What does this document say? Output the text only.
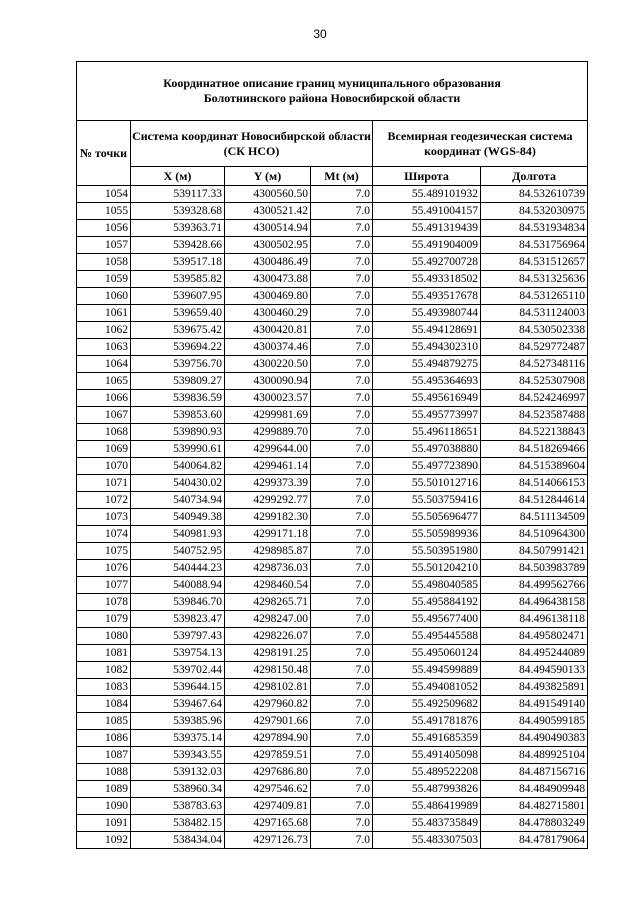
30
Координатное описание границ муниципального образования
Болотнинского района Новосибирской области					

№ точки	Система координат Новосибирской области (СК НСО)			Всемирная геодезическая система координат (WGS-84)	
	X (м)	Y (м)	Mt (м)	Широта	Долгота
1054	539117.33	4300560.50	7.0	55.489101932	84.532610739
1055	539328.68	4300521.42	7.0	55.491004157	84.532030975
1056	539363.71	4300514.94	7.0	55.491319439	84.531934834
1057	539428.66	4300502.95	7.0	55.491904009	84.531756964
1058	539517.18	4300486.49	7.0	55.492700728	84.531512657
1059	539585.82	4300473.88	7.0	55.493318502	84.531325636
1060	539607.95	4300469.80	7.0	55.493517678	84.531265110
1061	539659.40	4300460.29	7.0	55.493980744	84.531124003
1062	539675.42	4300420.81	7.0	55.494128691	84.530502338
1063	539694.22	4300374.46	7.0	55.494302310	84.529772487
1064	539756.70	4300220.50	7.0	55.494879275	84.527348116
1065	539809.27	4300090.94	7.0	55.495364693	84.525307908
1066	539836.59	4300023.57	7.0	55.495616949	84.524246997
1067	539853.60	4299981.69	7.0	55.495773997	84.523587488
1068	539890.93	4299889.70	7.0	55.496118651	84.522138843
1069	539990.61	4299644.00	7.0	55.497038880	84.518269466
1070	540064.82	4299461.14	7.0	55.497723890	84.515389604
1071	540430.02	4299373.39	7.0	55.501012716	84.514066153
1072	540734.94	4299292.77	7.0	55.503759416	84.512844614
1073	540949.38	4299182.30	7.0	55.505696477	84.511134509
1074	540981.93	4299171.18	7.0	55.505989936	84.510964300
1075	540752.95	4298985.87	7.0	55.503951980	84.507991421
1076	540444.23	4298736.03	7.0	55.501204210	84.503983789
1077	540088.94	4298460.54	7.0	55.498040585	84.499562766
1078	539846.70	4298265.71	7.0	55.495884192	84.496438158
1079	539823.47	4298247.00	7.0	55.495677400	84.496138118
1080	539797.43	4298226.07	7.0	55.495445588	84.495802471
1081	539754.13	4298191.25	7.0	55.495060124	84.495244089
1082	539702.44	4298150.48	7.0	55.494599889	84.494590133
1083	539644.15	4298102.81	7.0	55.494081052	84.493825891
1084	539467.64	4297960.82	7.0	55.492509682	84.491549140
1085	539385.96	4297901.66	7.0	55.491781876	84.490599185
1086	539375.14	4297894.90	7.0	55.491685359	84.490490383
1087	539343.55	4297859.51	7.0	55.491405098	84.489925104
1088	539132.03	4297686.80	7.0	55.489522208	84.487156716
1089	538960.34	4297546.62	7.0	55.487993826	84.484909948
1090	538783.63	4297409.81	7.0	55.486419989	84.482715801
1091	538482.15	4297165.68	7.0	55.483735849	84.478803249
1092	538434.04	4297126.73	7.0	55.483307503	84.478179064
